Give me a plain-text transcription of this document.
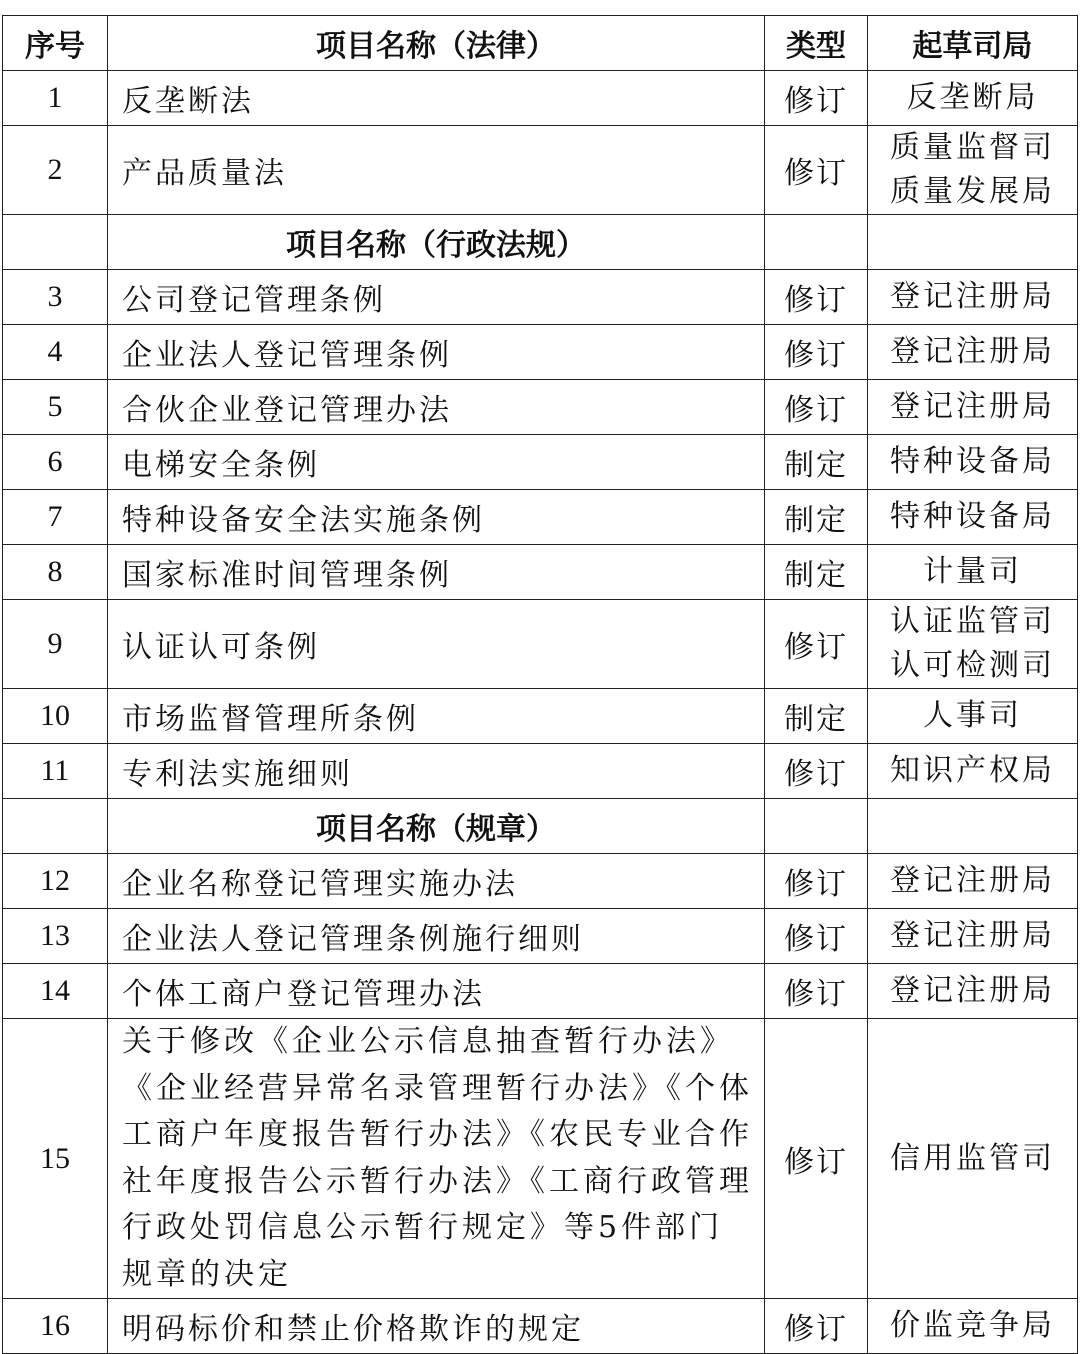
序号	项目名称（法律）	类型	起草司局
1	反垄断法	修订	反垄断局

2	产品质量法	修订	质量监督司
质量发展局

	项目名称（行政法规）		
3	公司登记管理条例	修订	登记注册局

4	企业法人登记管理条例	修订	登记注册局

5	合伙企业登记管理办法	修订	登记注册局

6	电梯安全条例	制定	特种设备局

7	特种设备安全法实施条例	制定	特种设备局

8	国家标准时间管理条例	制定	计量司

9	认证认可条例	修订	认证监管司
认可检测司

10	市场监督管理所条例	制定	人事司

11	专利法实施细则	修订	知识产权局

	项目名称（规章）		
12	企业名称登记管理实施办法	修订	登记注册局

13	企业法人登记管理条例施行细则	修订	登记注册局

14	个体工商户登记管理办法	修订	登记注册局

15	关于修改《企业公示信息抽查暂行办法》《企业经营异常名录管理暂行办法》《个体工商户年度报告暂行办法》《农民专业合作社年度报告公示暂行办法》《工商行政管理行政处罚信息公示暂行规定》等5件部门规章的决定	修订	信用监管司

16	明码标价和禁止价格欺诈的规定	修订	价监竞争局
